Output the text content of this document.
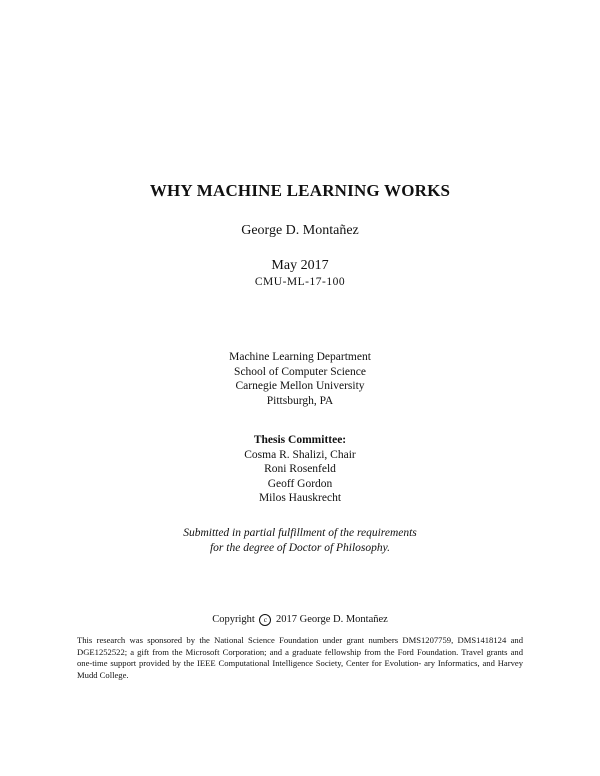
WHY MACHINE LEARNING WORKS
George D. Montañez
May 2017
CMU-ML-17-100
Machine Learning Department
School of Computer Science
Carnegie Mellon University
Pittsburgh, PA
Thesis Committee:
Cosma R. Shalizi, Chair
Roni Rosenfeld
Geoff Gordon
Milos Hauskrecht
Submitted in partial fulfillment of the requirements
for the degree of Doctor of Philosophy.
Copyright c 2017 George D. Montañez
This research was sponsored by the National Science Foundation under grant numbers DMS1207759, DMS1418124 and DGE1252522; a gift from the Microsoft Corporation; and a graduate fellowship from the Ford Foundation. Travel grants and one-time support provided by the IEEE Computational Intelligence Society, Center for Evolution- ary Informatics, and Harvey Mudd College.
